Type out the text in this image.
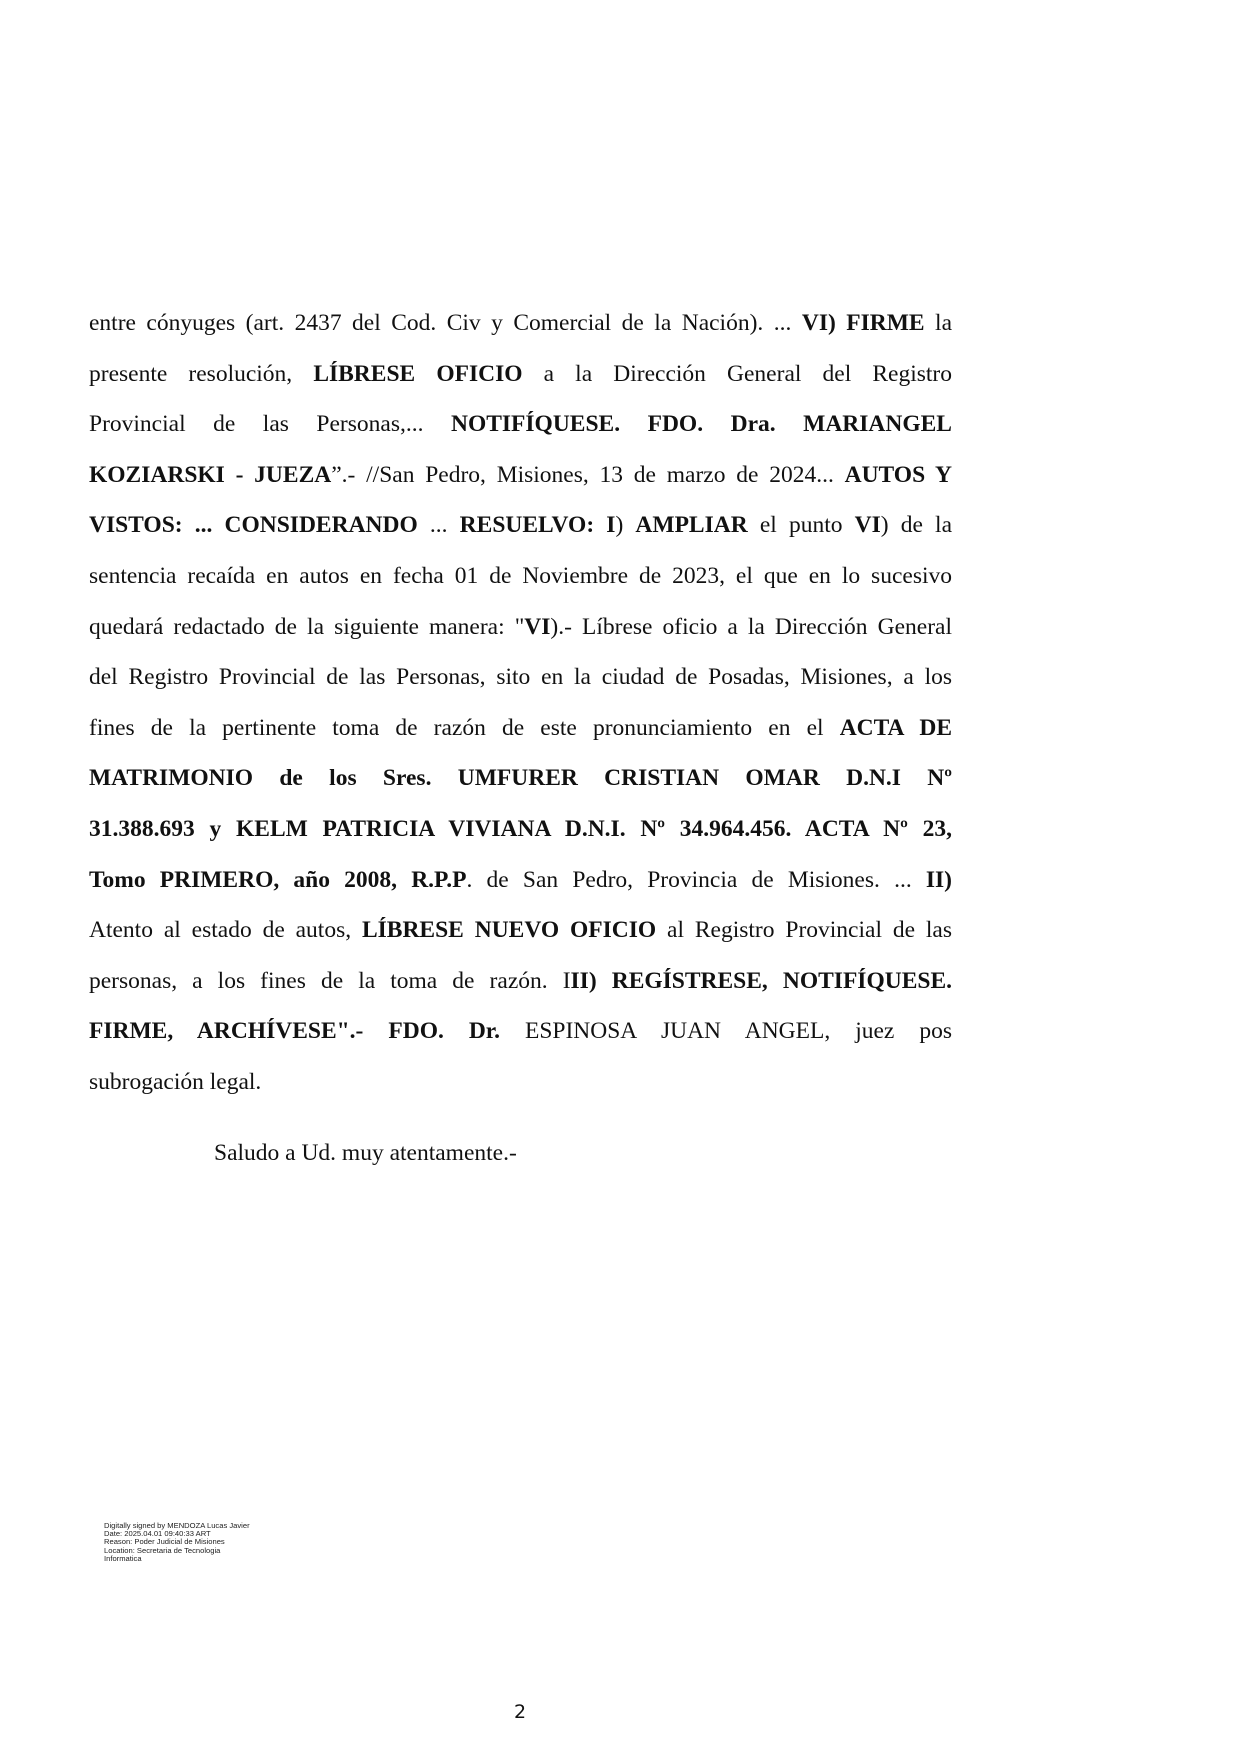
entre cónyuges (art. 2437 del Cod. Civ y Comercial de la Nación). ... VI) FIRME la
presente resolución, LÍBRESE OFICIO a la Dirección General del Registro
Provincial de las Personas,... NOTIFÍQUESE. FDO. Dra. MARIANGEL
KOZIARSKI - JUEZA”.- //San Pedro, Misiones, 13 de marzo de 2024... AUTOS Y
VISTOS: ... CONSIDERANDO ... RESUELVO: I) AMPLIAR el punto VI) de la
sentencia recaída en autos en fecha 01 de Noviembre de 2023, el que en lo sucesivo
quedará redactado de la siguiente manera: "VI).- Líbrese oficio a la Dirección General
del Registro Provincial de las Personas, sito en la ciudad de Posadas, Misiones, a los
fines de la pertinente toma de razón de este pronunciamiento en el ACTA DE
MATRIMONIO de los Sres. UMFURER CRISTIAN OMAR D.N.I Nº
31.388.693 y KELM PATRICIA VIVIANA D.N.I. Nº 34.964.456. ACTA Nº 23,
Tomo PRIMERO, año 2008, R.P.P. de San Pedro, Provincia de Misiones. ... II)
Atento al estado de autos, LÍBRESE NUEVO OFICIO al Registro Provincial de las
personas, a los fines de la toma de razón. III) REGÍSTRESE, NOTIFÍQUESE.
FIRME, ARCHÍVESE".- FDO. Dr. ESPINOSA JUAN ANGEL, juez pos
subrogación legal.
Saludo a Ud. muy atentamente.-
Digitally signed by MENDOZA Lucas Javier
Date: 2025.04.01 09:40:33 ART
Reason: Poder Judicial de Misiones
Location: Secretaria de Tecnologia
Informatica
2
